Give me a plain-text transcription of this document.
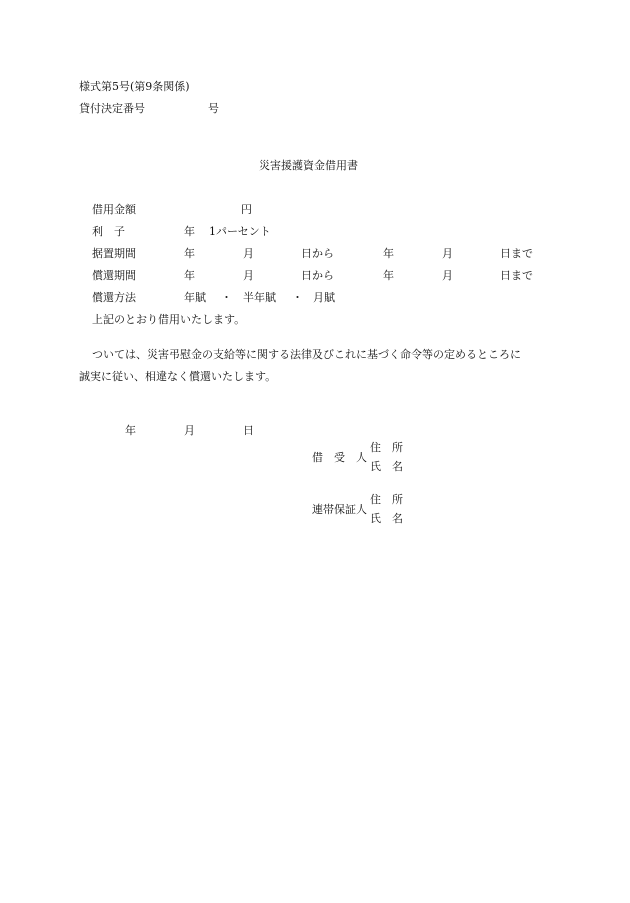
様式第5号(第9条関係)
貸付決定番号	号
災害援護資金借用書
借用金額	円
利　子	年 1パーセント
据置期間	年	月	日から	年	月	日まで
償還期間	年	月	日から	年	月	日まで
償還方法	年賦 ・ 半年賦 ・ 月賦
上記のとおり借用いたします。
ついては、災害弔慰金の支給等に関する法律及びこれに基づく命令等の定めるところに
誠実に従い、相違なく償還いたします。
年	月	日
借　受　人
住　所
氏　名
連帯保証人
住　所
氏　名
